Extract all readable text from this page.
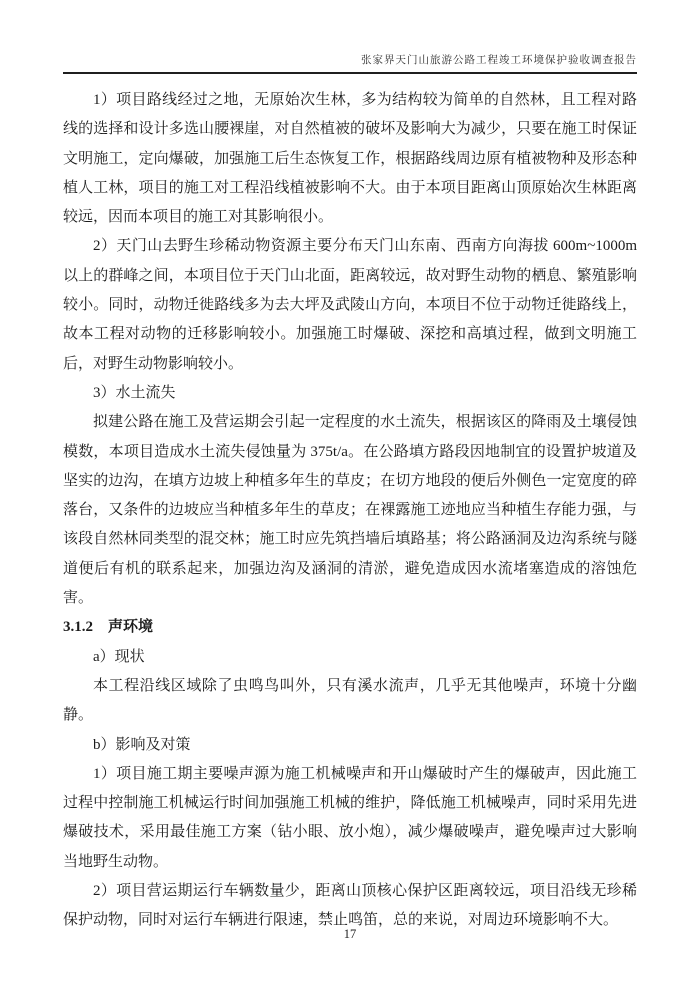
张家界天门山旅游公路工程竣工环境保护验收调查报告

1）项目路线经过之地，无原始次生林，多为结构较为简单的自然林，且工程对路线的选择和设计多选山腰裸崖，对自然植被的破坏及影响大为减少，只要在施工时保证文明施工，定向爆破，加强施工后生态恢复工作，根据路线周边原有植被物种及形态种植人工林，项目的施工对工程沿线植被影响不大。由于本项目距离山顶原始次生林距离较远，因而本项目的施工对其影响很小。

2）天门山去野生珍稀动物资源主要分布天门山东南、西南方向海拔 600m~1000m 以上的群峰之间，本项目位于天门山北面，距离较远，故对野生动物的栖息、繁殖影响较小。同时，动物迁徙路线多为去大坪及武陵山方向，本项目不位于动物迁徙路线上，故本工程对动物的迁移影响较小。加强施工时爆破、深挖和高填过程，做到文明施工后，对野生动物影响较小。

3）水土流失

拟建公路在施工及营运期会引起一定程度的水土流失，根据该区的降雨及土壤侵蚀模数，本项目造成水土流失侵蚀量为 375t/a。在公路填方路段因地制宜的设置护坡道及坚实的边沟，在填方边坡上种植多年生的草皮；在切方地段的便后外侧色一定宽度的碎落台，又条件的边坡应当种植多年生的草皮；在裸露施工迹地应当种植生存能力强，与该段自然林同类型的混交林；施工时应先筑挡墙后填路基；将公路涵洞及边沟系统与隧道便后有机的联系起来，加强边沟及涵洞的清淤，避免造成因水流堵塞造成的溶蚀危害。

3.1.2　声环境

a）现状

本工程沿线区域除了虫鸣鸟叫外，只有溪水流声，几乎无其他噪声，环境十分幽静。

b）影响及对策

1）项目施工期主要噪声源为施工机械噪声和开山爆破时产生的爆破声，因此施工过程中控制施工机械运行时间加强施工机械的维护，降低施工机械噪声，同时采用先进爆破技术，采用最佳施工方案（钻小眼、放小炮），减少爆破噪声，避免噪声过大影响当地野生动物。

2）项目营运期运行车辆数量少，距离山顶核心保护区距离较远，项目沿线无珍稀保护动物，同时对运行车辆进行限速，禁止鸣笛，总的来说，对周边环境影响不大。

17
